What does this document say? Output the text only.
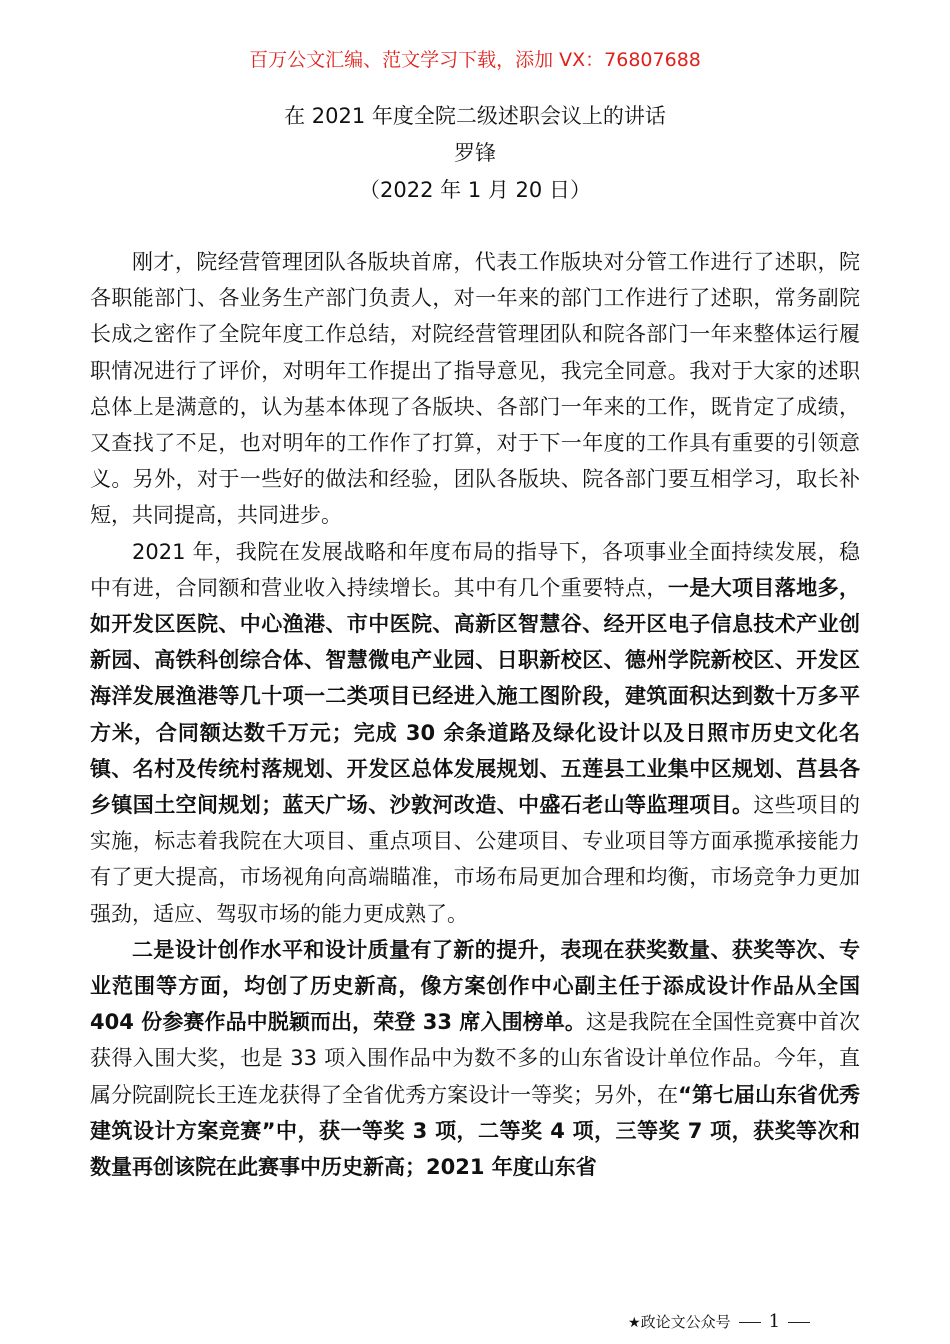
百万公文汇编、范文学习下载，添加 VX：76807688
在 2021 年度全院二级述职会议上的讲话
罗锋
（2022 年 1 月 20 日）

刚才，院经营管理团队各版块首席，代表工作版块对分管工作进行了述职，院各职能部门、各业务生产部门负责人，对一年来的部门工作进行了述职，常务副院长成之密作了全院年度工作总结，对院经营管理团队和院各部门一年来整体运行履职情况进行了评价，对明年工作提出了指导意见，我完全同意。我对于大家的述职总体上是满意的，认为基本体现了各版块、各部门一年来的工作，既肯定了成绩，又查找了不足，也对明年的工作作了打算，对于下一年度的工作具有重要的引领意义。另外，对于一些好的做法和经验，团队各版块、院各部门要互相学习，取长补短，共同提高，共同进步。

2021 年，我院在发展战略和年度布局的指导下，各项事业全面持续发展，稳中有进，合同额和营业收入持续增长。其中有几个重要特点，一是大项目落地多，如开发区医院、中心渔港、市中医院、高新区智慧谷、经开区电子信息技术产业创新园、高铁科创综合体、智慧微电产业园、日职新校区、德州学院新校区、开发区海洋发展渔港等几十项一二类项目已经进入施工图阶段，建筑面积达到数十万多平方米，合同额达数千万元；完成 30 余条道路及绿化设计以及日照市历史文化名镇、名村及传统村落规划、开发区总体发展规划、五莲县工业集中区规划、莒县各乡镇国土空间规划；蓝天广场、沙敦河改造、中盛石老山等监理项目。这些项目的实施，标志着我院在大项目、重点项目、公建项目、专业项目等方面承揽承接能力有了更大提高，市场视角向高端瞄准，市场布局更加合理和均衡，市场竞争力更加强劲，适应、驾驭市场的能力更成熟了。

二是设计创作水平和设计质量有了新的提升，表现在获奖数量、获奖等次、专业范围等方面，均创了历史新高，像方案创作中心副主任于添成设计作品从全国 404 份参赛作品中脱颖而出，荣登 33 席入围榜单。这是我院在全国性竞赛中首次获得入围大奖，也是 33 项入围作品中为数不多的山东省设计单位作品。今年，直属分院副院长王连龙获得了全省优秀方案设计一等奖；另外，在“第七届山东省优秀建筑设计方案竞赛”中，获一等奖 3 项，二等奖 4 项，三等奖 7 项，获奖等次和数量再创该院在此赛事中历史新高；2021 年度山东省

★政论文公众号 1
